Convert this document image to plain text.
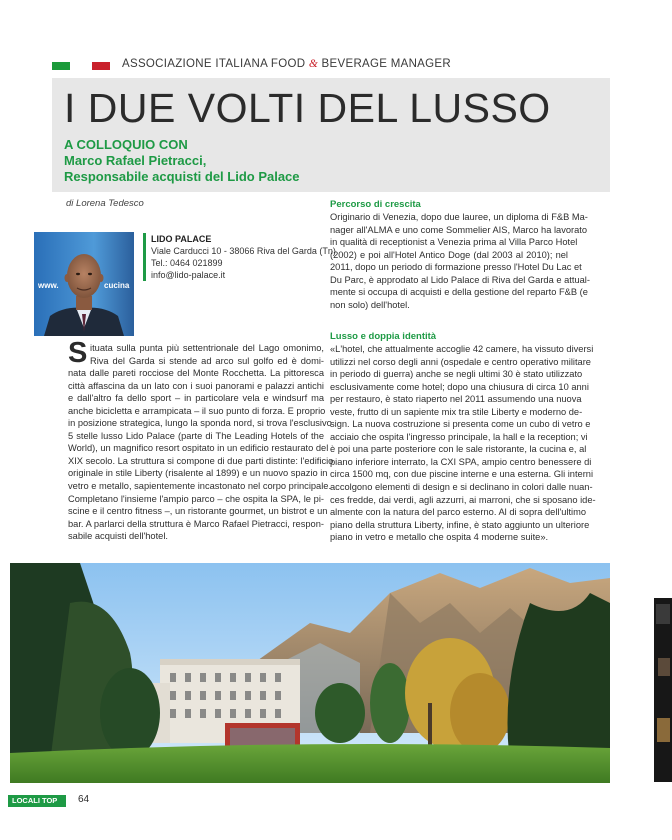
ASSOCIAZIONE ITALIANA FOOD & BEVERAGE MANAGER
I DUE VOLTI DEL LUSSO
A COLLOQUIO CON
Marco Rafael Pietracci,
Responsabile acquisti del Lido Palace
di Lorena Tedesco
www.	cucina
LIDO PALACE
Viale Carducci 10 - 38066 Riva del Garda (Tn)
Tel.: 0464 021899
info@lido-palace.it
S ituata sulla punta più settentrionale del Lago omonimo,
Riva del Garda si stende ad arco sul golfo ed è domi-
nata dalle pareti rocciose del Monte Rocchetta. La pittoresca
città affascina da un lato con i suoi panorami e palazzi antichi
e dall'altro fa dello sport – in particolare vela e windsurf ma
anche bicicletta e arrampicata – il suo punto di forza. E proprio
in posizione strategica, lungo la sponda nord, si trova l'esclusivo
5 stelle lusso Lido Palace (parte di The Leading Hotels of the
World), un magnifico resort ospitato in un edificio restaurato del
XIX secolo. La struttura si compone di due parti distinte: l'edificio
originale in stile Liberty (risalente al 1899) e un nuovo spazio in
vetro e metallo, sapientemente incastonato nel corpo principale.
Completano l'insieme l'ampio parco – che ospita la SPA, le pi-
scine e il centro fitness –, un ristorante gourmet, un bistrot e un
bar. A parlarci della struttura è Marco Rafael Pietracci, respon-
sabile acquisti dell'hotel.
Percorso di crescita
Originario di Venezia, dopo due lauree, un diploma di F&B Ma-
nager all'ALMA e uno come Sommelier AIS, Marco ha lavorato
in qualità di receptionist a Venezia prima al Villa Parco Hotel
(2002) e poi all'Hotel Antico Doge (dal 2003 al 2010); nel
2011, dopo un periodo di formazione presso l'Hotel Du Lac et
Du Parc, è approdato al Lido Palace di Riva del Garda e attual-
mente si occupa di acquisti e della gestione del reparto F&B (e
non solo) dell'hotel.
Lusso e doppia identità
«L'hotel, che attualmente accoglie 42 camere, ha vissuto diversi
utilizzi nel corso degli anni (ospedale e centro operativo militare
in periodo di guerra) anche se negli ultimi 30 è stato utilizzato
esclusivamente come hotel; dopo una chiusura di circa 10 anni
per restauro, è stato riaperto nel 2011 assumendo una nuova
veste, frutto di un sapiente mix tra stile Liberty e moderno de-
sign. La nuova costruzione si presenta come un cubo di vetro e
acciaio che ospita l'ingresso principale, la hall e la reception; vi
è poi una parte posteriore con le sale ristorante, la cucina e, al
piano inferiore interrato, la CXI SPA, ampio centro benessere di
circa 1500 mq, con due piscine interne e una esterna. Gli interni
accolgono elementi di design e si declinano in colori dalle nuan-
ces fredde, dai verdi, agli azzurri, ai marroni, che si sposano ide-
almente con la natura del parco esterno. Al di sopra dell'ultimo
piano della struttura Liberty, infine, è stato aggiunto un ulteriore
piano in vetro e metallo che ospita 4 moderne suite».
LOCALI TOP 64
